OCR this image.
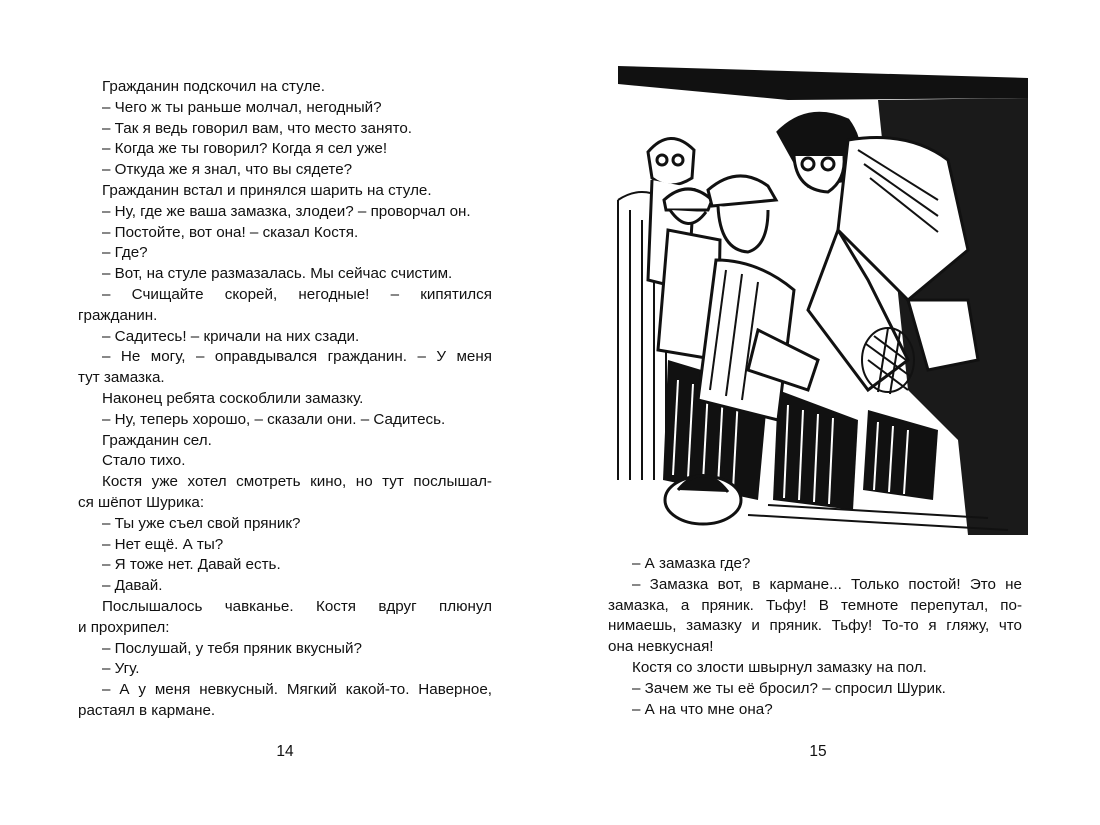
Гражданин подскочил на стуле.
– Чего ж ты раньше молчал, негодный?
– Так я ведь говорил вам, что место занято.
– Когда же ты говорил? Когда я сел уже!
– Откуда же я знал, что вы сядете?
Гражданин встал и принялся шарить на стуле.
– Ну, где же ваша замазка, злодеи? – проворчал он.
– Постойте, вот она! – сказал Костя.
– Где?
– Вот, на стуле размазалась. Мы сейчас счистим.
– Счищайте скорей, негодные! – кипятился
гражданин.
– Садитесь! – кричали на них сзади.
– Не могу, – оправдывался гражданин. – У меня
тут замазка.
Наконец ребята соскоблили замазку.
– Ну, теперь хорошо, – сказали они. – Садитесь.
Гражданин сел.
Стало тихо.
Костя уже хотел смотреть кино, но тут послышал-
ся шёпот Шурика:
– Ты уже съел свой пряник?
– Нет ещё. А ты?
– Я тоже нет. Давай есть.
– Давай.
Послышалось чавканье. Костя вдруг плюнул
и прохрипел:
– Послушай, у тебя пряник вкусный?
– Угу.
– А у меня невкусный. Мягкий какой-то. Наверное,
растаял в кармане.
14
– А замазка где?
– Замазка вот, в кармане... Только постой! Это не
замазка, а пряник. Тьфу! В темноте перепутал, по-
нимаешь, замазку и пряник. Тьфу! То-то я гляжу, что
она невкусная!
Костя со злости швырнул замазку на пол.
– Зачем же ты её бросил? – спросил Шурик.
– А на что мне она?
15
